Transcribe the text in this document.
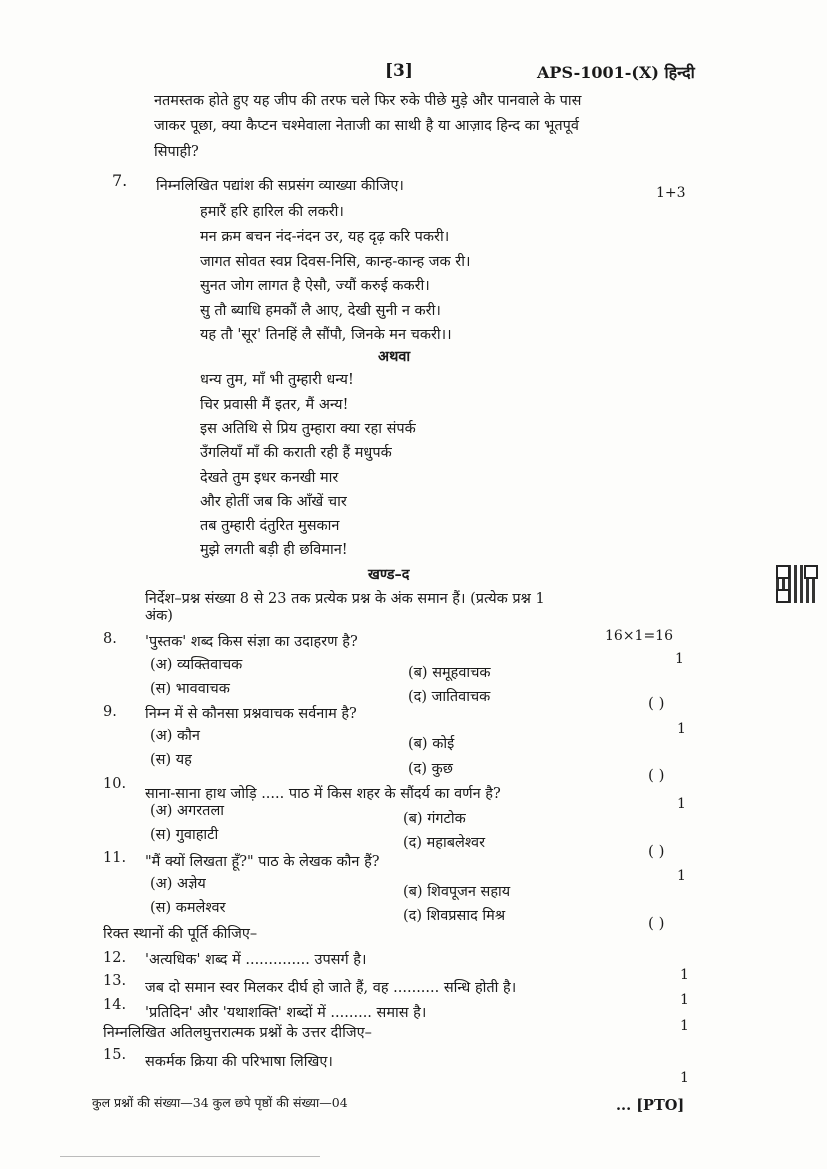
[3]	APS-1001-(X) हिन्दी
नतमस्तक होते हुए यह जीप की तरफ चले फिर रुके पीछे मुड़े और पानवाले के पास
जाकर पूछा, क्या कैप्टन चश्मेवाला नेताजी का साथी है या आज़ाद हिन्द का भूतपूर्व
सिपाही?
7. निम्नलिखित पद्यांश की सप्रसंग व्याख्या कीजिए।	1+3
हमारैं हरि हारिल की लकरी।
मन क्रम बचन नंद-नंदन उर, यह दृढ़ करि पकरी।
जागत सोवत स्वप्न दिवस-निसि, कान्ह-कान्ह जक री।
सुनत जोग लागत है ऐसौ, ज्यौं करुई ककरी।
सु तौ ब्याधि हमकौं लै आए, देखी सुनी न करी।
यह तौ 'सूर' तिनहिं लै सौंपौ, जिनके मन चकरी।।
अथवा
धन्य तुम, माँ भी तुम्हारी धन्य!
चिर प्रवासी मैं इतर, मैं अन्य!
इस अतिथि से प्रिय तुम्हारा क्या रहा संपर्क
उँगलियाँ माँ की कराती रही हैं मधुपर्क
देखते तुम इधर कनखी मार
और होतीं जब कि आँखें चार
तब तुम्हारी दंतुरित मुसकान
मुझे लगती बड़ी ही छविमान!
खण्ड–द
निर्देश–प्रश्न संख्या 8 से 23 तक प्रत्येक प्रश्न के अंक समान हैं। (प्रत्येक प्रश्न 1
अंक)
16×1=16
8. 'पुस्तक' शब्द किस संज्ञा का उदाहरण है?
1
(अ) व्यक्तिवाचक	(ब) समूहवाचक
(स) भाववाचक	(द) जातिवाचक	( )
9. निम्न में से कौनसा प्रश्नवाचक सर्वनाम है?
1
(अ) कौन	(ब) कोई
(स) यह
(द) कुछ	( )
10.
साना-साना हाथ जोड़ि ..... पाठ में किस शहर के सौंदर्य का वर्णन है?
1
(अ) अगरतला	(ब) गंगटोक
(स) गुवाहाटी	(द) महाबलेश्वर	( )
11. "मैं क्यों लिखता हूँ?" पाठ के लेखक कौन हैं?
1
(अ) अज्ञेय	(ब) शिवपूजन सहाय
(स) कमलेश्वर	(द) शिवप्रसाद मिश्र	( )
रिक्त स्थानों की पूर्ति कीजिए–
12. 'अत्यधिक' शब्द में .............. उपसर्ग है।
1
13. जब दो समान स्वर मिलकर दीर्घ हो जाते हैं, वह .......... सन्धि होती है।
1
14. 'प्रतिदिन' और 'यथाशक्ति' शब्दों में ......... समास है।
1
निम्नलिखित अतिलघुत्तरात्मक प्रश्नों के उत्तर दीजिए–
15. सकर्मक क्रिया की परिभाषा लिखिए।
1
कुल प्रश्नों की संख्या—34 कुल छपे पृष्ठों की संख्या—04	... [PTO]
